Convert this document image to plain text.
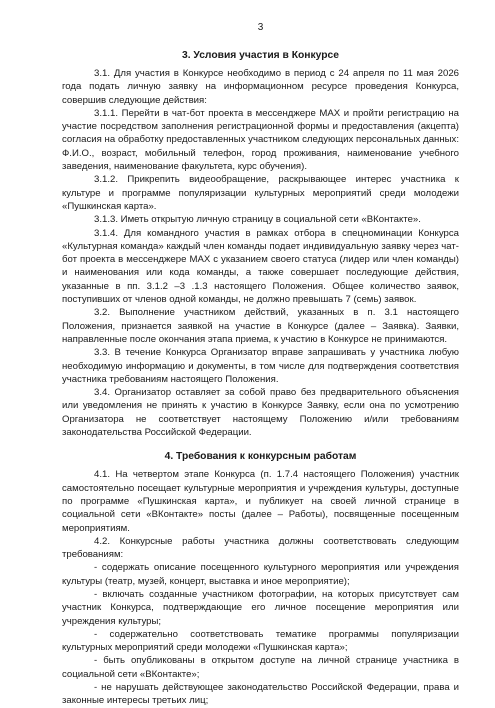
3
3. Условия участия в Конкурсе

3.1. Для участия в Конкурсе необходимо в период с 24 апреля по 11 мая 2026 года подать личную заявку на информационном ресурсе проведения Конкурса, совершив следующие действия:

3.1.1. Перейти в чат-бот проекта в мессенджере MAX и пройти регистрацию на участие посредством заполнения регистрационной формы и предоставления (акцепта) согласия на обработку предоставленных участником следующих персональных данных: Ф.И.О., возраст, мобильный телефон, город проживания, наименование учебного заведения, наименование факультета, курс обучения).

3.1.2. Прикрепить видеообращение, раскрывающее интерес участника к культуре и программе популяризации культурных мероприятий среди молодежи «Пушкинская карта».

3.1.3. Иметь открытую личную страницу в социальной сети «ВКонтакте».

3.1.4. Для командного участия в рамках отбора в спецноминации Конкурса «Культурная команда» каждый член команды подает индивидуальную заявку через чат-бот проекта в мессенджере MAX с указанием своего статуса (лидер или член команды) и наименования или кода команды, а также совершает последующие действия, указанные в пп. 3.1.2 –3 .1.3 настоящего Положения. Общее количество заявок, поступивших от членов одной команды, не должно превышать 7 (семь) заявок.

3.2. Выполнение участником действий, указанных в п. 3.1 настоящего Положения, признается заявкой на участие в Конкурсе (далее – Заявка). Заявки, направленные после окончания этапа приема, к участию в Конкурсе не принимаются.

3.3. В течение Конкурса Организатор вправе запрашивать у участника любую необходимую информацию и документы, в том числе для подтверждения соответствия участника требованиям настоящего Положения.

3.4. Организатор оставляет за собой право без предварительного объяснения или уведомления не принять к участию в Конкурсе Заявку, если она по усмотрению Организатора не соответствует настоящему Положению и/или требованиям законодательства Российской Федерации.

4. Требования к конкурсным работам

4.1. На четвертом этапе Конкурса (п. 1.7.4 настоящего Положения) участник самостоятельно посещает культурные мероприятия и учреждения культуры, доступные по программе «Пушкинская карта», и публикует на своей личной странице в социальной сети «ВКонтакте» посты (далее – Работы), посвященные посещенным мероприятиям.

4.2. Конкурсные работы участника должны соответствовать следующим требованиям:

- содержать описание посещенного культурного мероприятия или учреждения культуры (театр, музей, концерт, выставка и иное мероприятие);

- включать созданные участником фотографии, на которых присутствует сам участник Конкурса, подтверждающие его личное посещение мероприятия или учреждения культуры;

- содержательно соответствовать тематике программы популяризации культурных мероприятий среди молодежи «Пушкинская карта»;

- быть опубликованы в открытом доступе на личной странице участника в социальной сети «ВКонтакте»;

- не нарушать действующее законодательство Российской Федерации, права и законные интересы третьих лиц;
